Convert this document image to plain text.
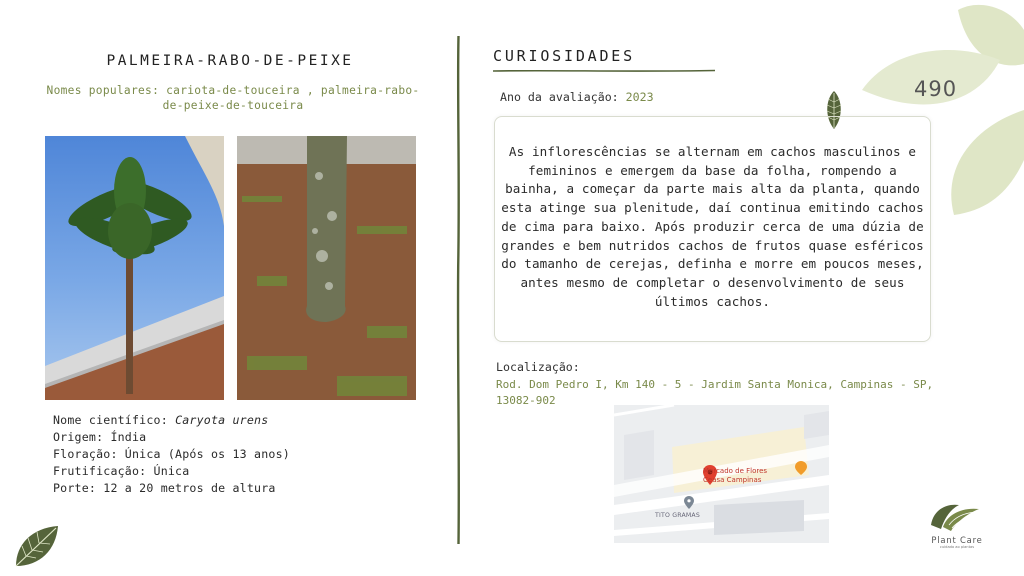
PALMEIRA-RABO-DE-PEIXE
Nomes populares: cariota-de-touceira , palmeira-rabo-de-peixe-de-touceira
Nome científico: Caryota urens
Origem: Índia
Floração: Única (Após os 13 anos)
Frutificação: Única
Porte: 12 a 20 metros de altura
CURIOSIDADES
Ano da avaliação: 2023
As inflorescências se alternam em cachos masculinos e femininos e emergem da base da folha, rompendo a bainha, a começar da parte mais alta da planta, quando esta atinge sua plenitude, daí continua emitindo cachos de cima para baixo. Após produzir cerca de uma dúzia de grandes e bem nutridos cachos de frutos quase esféricos do tamanho de cerejas, definha e morre em poucos meses, antes mesmo de completar o desenvolvimento de seus últimos cachos.
Localização:
Rod. Dom Pedro I, Km 140 - 5 - Jardim Santa Monica, Campinas - SP, 13082-902
Mercado de Flores
Ceasa Campinas
TITO GRAMAS
490
Plant Care
cuidado ao plantas
